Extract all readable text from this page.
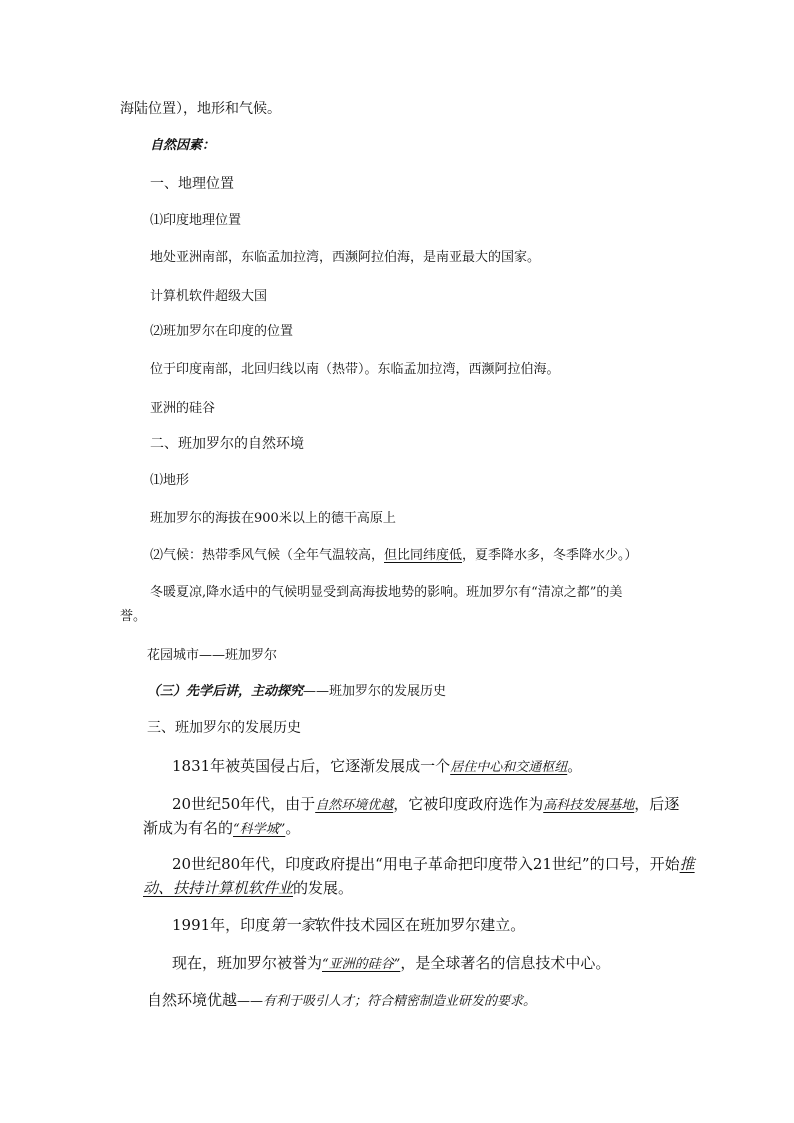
海陆位置），地形和气候。
自然因素：
一、地理位置
⑴印度地理位置
地处亚洲南部，东临孟加拉湾，西濒阿拉伯海，是南亚最大的国家。
计算机软件超级大国
⑵班加罗尔在印度的位置
位于印度南部，北回归线以南（热带）。东临孟加拉湾，西濒阿拉伯海。
亚洲的硅谷
二、班加罗尔的自然环境
⑴地形
班加罗尔的海拔在900米以上的德干高原上
⑵气候：热带季风气候（全年气温较高，但比同纬度低，夏季降水多，冬季降水少。）
冬暖夏凉,降水适中的气候明显受到高海拔地势的影响。班加罗尔有“清凉之都”的美
誉。
花园城市——班加罗尔
（三）先学后讲，主动探究——班加罗尔的发展历史
三、班加罗尔的发展历史
1831年被英国侵占后，它逐渐发展成一个居住中心和交通枢纽。
20世纪50年代，由于自然环境优越，它被印度政府选作为高科技发展基地，后逐
渐成为有名的“科学城”。
20世纪80年代，印度政府提出“用电子革命把印度带入21世纪”的口号，开始推
动、扶持计算机软件业的发展。
1991年，印度第一家软件技术园区在班加罗尔建立。
现在，班加罗尔被誉为“亚洲的硅谷”，是全球著名的信息技术中心。
自然环境优越——有利于吸引人才；符合精密制造业研发的要求。
